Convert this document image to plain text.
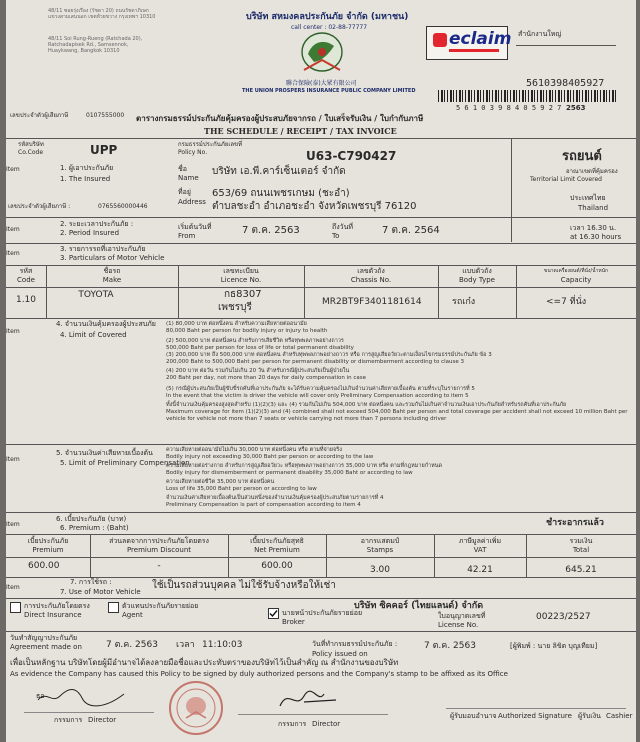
48/11 ซอยรุ่งเรือง (รัชดา 20) ถนนรัชดาภิเษก แขวงสามเสนนอก เขตห้วยขวาง กรุงเทพฯ 10310
48/11 Soi Rung-Rueng (Ratchada 20), Ratchadapisek Rd., Samsennok, Huaykwang, Bangkok 10310
บริษัท สหมงคลประกันภัย จำกัด (มหาชน)
call center : 02-88-77777
聯合保險(泰)大眾有限公司
THE UNION PROSPERS INSURANCE PUBLIC COMPANY LIMITED
eclaim สำนักงานใหญ่
5610398405927
5 6 1 0 3 9 8 4 0 5 9 2 7 2563
เลขประจำตัวผู้เสียภาษี	0107555000 ตารางกรมธรรม์ประกันภัยคุ้มครองผู้ประสบภัยจากรถ / ใบเสร็จรับเงิน / ใบกำกับภาษี
THE SCHEDULE / RECEIPT / TAX INVOICE
รหัสบริษัท
Co.Code	UPP	กรมธรรม์ประกันภัยเลขที่
Policy No.	U63-C790427	รถยนต์
อาณาเขตที่คุ้มครอง
Territorial Limit Covered
ประเทศไทย
Thailand
Item	1. ผู้เอาประกันภัย
1. The Insured
ชื่อ
Name
บริษัท เอ.พี.คาร์เซ็นเตอร์ จำกัด
ที่อยู่
Address
653/69 ถนนเพชรเกษม (ชะอำ)
ตำบลชะอำ อำเภอชะอำ จังหวัดเพชรบุรี 76120
เลขประจำตัวผู้เสียภาษี :	0765560000446
Item
2. ระยะเวลาประกันภัย :
2. Period Insured
เริ่มต้นวันที่
From	7 ต.ค. 2563	ถึงวันที่
To	7 ต.ค. 2564	เวลา 16.30 น.
at 16.30 hours
Item
3. รายการรถที่เอาประกันภัย
3. Particulars of Motor Vehicle
รหัส
Code
ชื่อรถ
Make
เลขทะเบียน
Licence No.
เลขตัวถัง
Chassis No.
แบบตัวถัง
Body Type
ขนาดเครื่องยนต์/ที่นั่ง/น้ำหนัก
Capacity
1.10	TOYOTA	กธ8307
เพชรบุรี	MR2BT9F3401181614	รถเก๋ง	<=7 ที่นั่ง
Item
4. จำนวนเงินคุ้มครองผู้ประสบภัย
4. Limit of Covered
(1) 80,000 บาท ต่อหนึ่งคน สำหรับความเสียหายต่ออนามัย
80,000 Baht per person for bodily injury or injury to health
(2) 500,000 บาท ต่อหนึ่งคน สำหรับการเสียชีวิต หรือทุพพลภาพอย่างถาวร
500,000 Baht per person for loss of life or total permanent disability
(3) 200,000 บาท ถึง 500,000 บาท ต่อหนึ่งคน สำหรับทุพพลภาพอย่างถาวร หรือ การสูญเสียอวัยวะตามเงื่อนไขกรมธรรม์ประกันภัย ข้อ 3
200,000 Baht to 500,000 Baht per person for permanent disability or dismemberment according to clause 3
(4) 200 บาท ต่อวัน รวมกันไม่เกิน 20 วัน สำหรับกรณีผู้ประสบภัยเป็นผู้ป่วยใน
200 Baht per day, not more than 20 days for daily compensation in case
(5) กรณีผู้ประสบภัยเป็นผู้ขับขี่รถคันที่เอาประกันภัย จะได้รับความคุ้มครองไม่เกินจำนวนค่าเสียหายเบื้องต้น ตามที่ระบุในรายการที่ 5
In the event that the victim is driver the vehicle will cover only Preliminary Compensation according to item 5
ทั้งนี้จำนวนเงินคุ้มครองสูงสุดสำหรับ (1)(2)(3) และ (4) รวมกันไม่เกิน 504,000 บาท ต่อหนึ่งคน และรวมกันไม่เกินค่าจำนวนเงินเอาประกันภัยสำหรับรถคันที่เอาประกันภัย
Maximum coverage for item (1)(2)(3) and (4) combined shall not exceed 504,000 Baht per person and total coverage per accident shall not exceed 10 million Baht per vehicle for vehicle not more than 7 seats or vehicle carrying not more than 7 persons including driver
Item
5. จำนวนเงินค่าเสียหายเบื้องต้น
5. Limit of Preliminary Compensation
ความเสียหายต่ออนามัยไม่เกิน 30,000 บาท ต่อหนึ่งคน หรือ ตามที่จ่ายจริง
Bodily injury not exceeding 30,000 Baht per person or according to the law
ความเสียหายต่อร่างกาย สำหรับการสูญเสียอวัยวะ หรือทุพพลภาพอย่างถาวร 35,000 บาท หรือ ตามที่กฎหมายกำหนด
Bodily injury for dismemberment or permanent disability 35,000 Baht or according to law
ความเสียหายต่อชีวิต 35,000 บาท ต่อหนึ่งคน
Loss of life 35,000 Baht per person or according to law
จำนวนเงินค่าเสียหายเบื้องต้นเป็นส่วนหนึ่งของจำนวนเงินคุ้มครองผู้ประสบภัยตามรายการที่ 4
Preliminary Compensation is part of compensation according to item 4
Item
6. เบี้ยประกันภัย (บาท)
6. Premium : (Baht)	ชำระอากรแล้ว
เบี้ยประกันภัย
Premium
ส่วนลดจากการประกันภัยโดยตรง
Premium Discount
เบี้ยประกันภัยสุทธิ
Net Premium
อากรแสตมป์
Stamps
ภาษีมูลค่าเพิ่ม
VAT
รวมเงิน
Total
600.00	-	600.00	3.00	42.21	645.21
Item
7. การใช้รถ :
7. Use of Motor Vehicle
ใช้เป็นรถส่วนบุคคล ไม่ใช้รับจ้างหรือให้เช่า
การประกันภัยโดยตรง
Direct Insurance
ตัวแทนประกันภัยรายย่อย
Agent	นายหน้าประกันภัยรายย่อย
Broker
บริษัท ซิคคอร์ (ไทยแลนด์) จำกัด
ใบอนุญาตเลขที่
License No.
00223/2527
วันทำสัญญาประกันภัย
Agreement made on	7 ต.ค. 2563 เวลา 11:10:03	วันที่ทำกรมธรรม์ประกันภัย :
Policy issued on
7 ต.ค. 2563	[ผู้พิมพ์ : นาย ลิขิต บุญเทียม]
เพื่อเป็นหลักฐาน บริษัทโดยผู้มีอำนาจได้ลงลายมือชื่อและประทับตราของบริษัทไว้เป็นสำคัญ ณ สำนักงานของบริษัท
As evidence the Company has caused this Policy to be signed by duly authorized persons and the Company's stamp to be affixed as its Office
ธอ
กรรมการ Director	กรรมการ Director
ผู้รับมอบอำนาจ Authorized Signature ผู้รับเงิน Cashier
